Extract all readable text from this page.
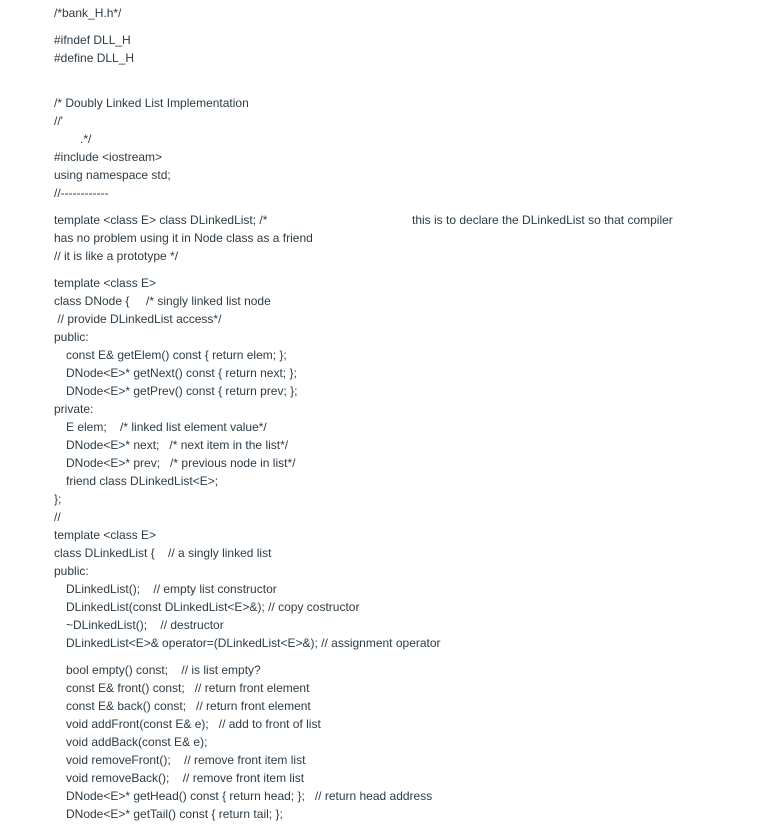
/*bank_H.h*/
#ifndef DLL_H
#define DLL_H
/* Doubly Linked List Implementation
//'
.*/
#include <iostream>
using namespace std;
//------------
template <class E> class DLinkedList; /*	this is to declare the DLinkedList so that compiler
has no problem using it in Node class as a friend
// it is like a prototype */
template <class E>
class DNode {     /* singly linked list node
// provide DLinkedList access*/
public:
const E& getElem() const { return elem; };
DNode<E>* getNext() const { return next; };
DNode<E>* getPrev() const { return prev; };
private:
E elem;    /* linked list element value*/
DNode<E>* next;   /* next item in the list*/
DNode<E>* prev;   /* previous node in list*/
friend class DLinkedList<E>;
};
//
template <class E>
class DLinkedList {    // a singly linked list
public:
DLinkedList();    // empty list constructor
DLinkedList(const DLinkedList<E>&); // copy costructor
~DLinkedList();    // destructor
DLinkedList<E>& operator=(DLinkedList<E>&); // assignment operator
bool empty() const;    // is list empty?
const E& front() const;   // return front element
const E& back() const;   // return front element
void addFront(const E& e);   // add to front of list
void addBack(const E& e);
void removeFront();    // remove front item list
void removeBack();    // remove front item list
DNode<E>* getHead() const { return head; };   // return head address
DNode<E>* getTail() const { return tail; };
